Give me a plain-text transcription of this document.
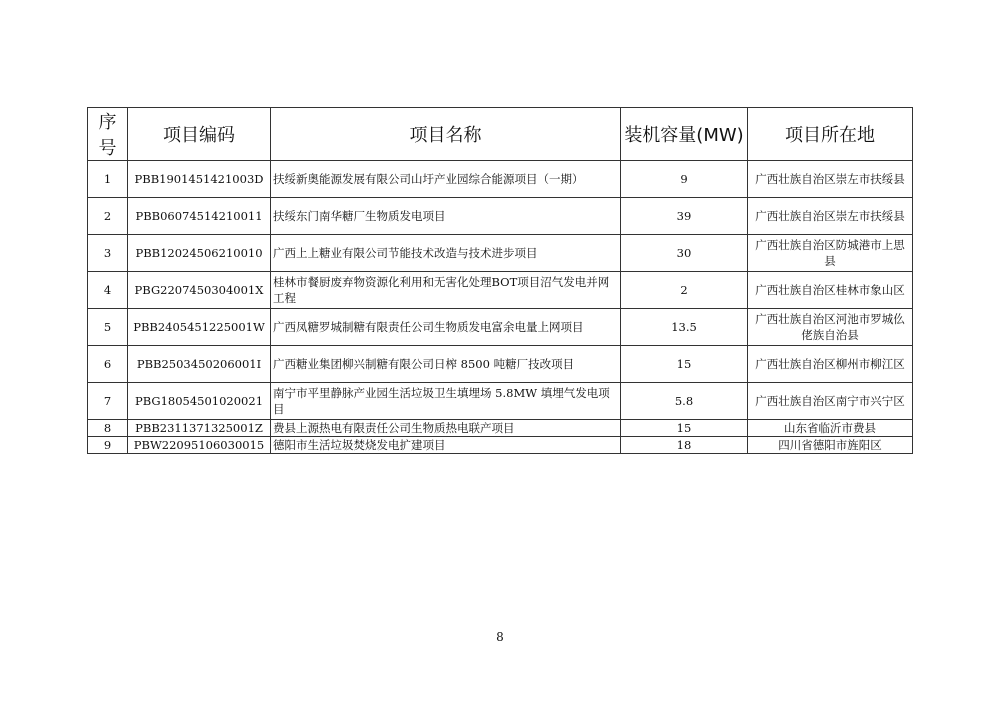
序号	项目编码	项目名称	装机容量(MW)	项目所在地
1	PBB1901451421003D	扶绥新奥能源发展有限公司山圩产业园综合能源项目（一期）	9	广西壮族自治区崇左市扶绥县
2	PBB06074514210011	扶绥东门南华糖厂生物质发电项目	39	广西壮族自治区崇左市扶绥县
3	PBB12024506210010	广西上上糖业有限公司节能技术改造与技术进步项目	30	广西壮族自治区防城港市上思县
4	PBG2207450304001X	桂林市餐厨废弃物资源化利用和无害化处理BOT项目沼气发电并网工程	2	广西壮族自治区桂林市象山区
5	PBB2405451225001W	广西凤糖罗城制糖有限责任公司生物质发电富余电量上网项目	13.5	广西壮族自治区河池市罗城仫佬族自治县
6	PBB2503450206001I	广西糖业集团柳兴制糖有限公司日榨 8500 吨糖厂技改项目	15	广西壮族自治区柳州市柳江区
7	PBG18054501020021	南宁市平里静脉产业园生活垃圾卫生填埋场 5.8MW 填埋气发电项目	5.8	广西壮族自治区南宁市兴宁区
8	PBB2311371325001Z	费县上源热电有限责任公司生物质热电联产项目	15	山东省临沂市费县
9	PBW22095106030015	德阳市生活垃圾焚烧发电扩建项目	18	四川省德阳市旌阳区
8
